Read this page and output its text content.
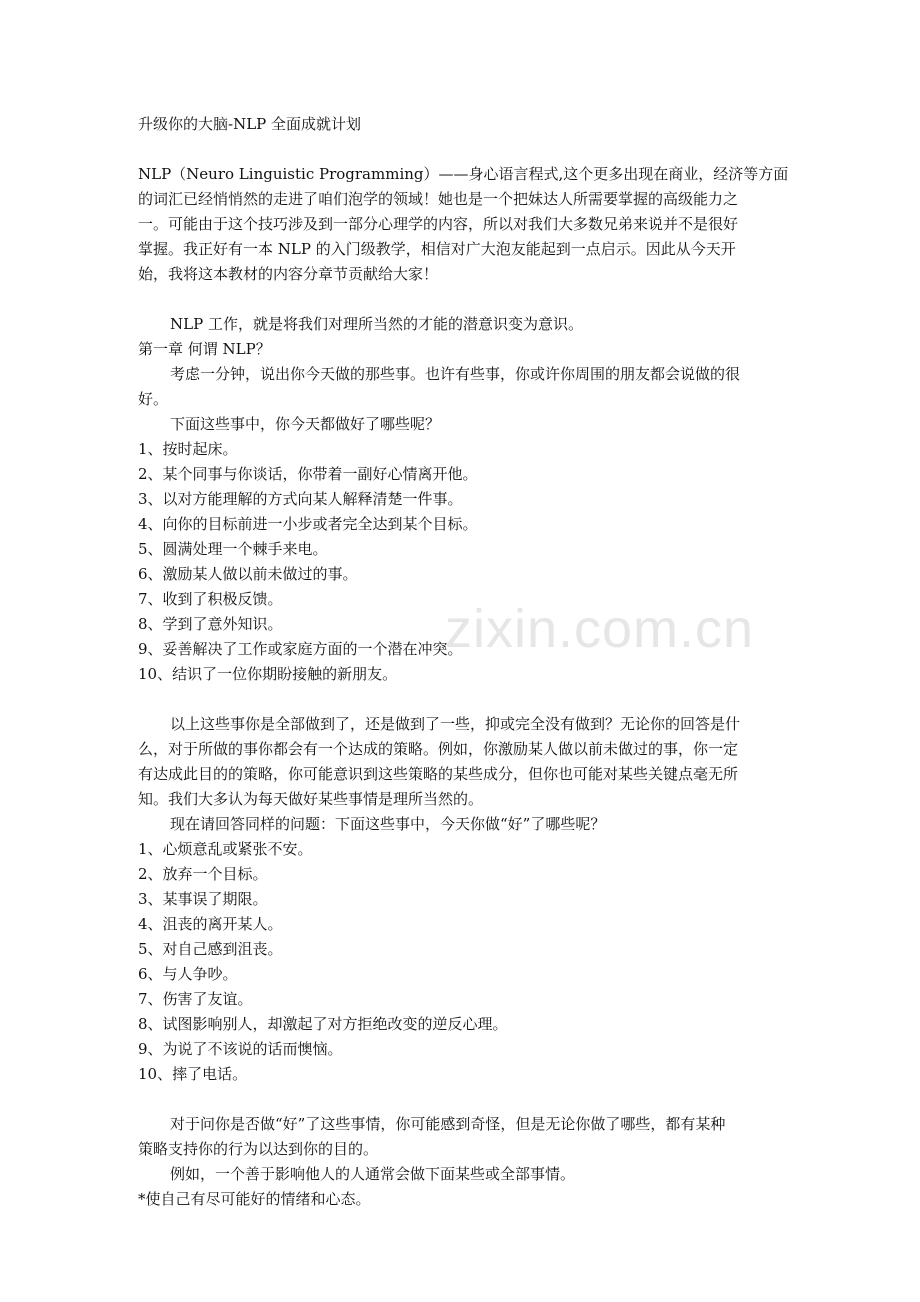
zixin.com.cn
升级你的大脑-NLP 全面成就计划
NLP（Neuro Linguistic Programming）——身心语言程式,这个更多出现在商业，经济等方面
的词汇已经悄悄然的走进了咱们泡学的领域！她也是一个把妹达人所需要掌握的高级能力之
一。可能由于这个技巧涉及到一部分心理学的内容，所以对我们大多数兄弟来说并不是很好
掌握。我正好有一本 NLP 的入门级教学，相信对广大泡友能起到一点启示。因此从今天开
始，我将这本教材的内容分章节贡献给大家！
NLP 工作，就是将我们对理所当然的才能的潜意识变为意识。
第一章 何谓 NLP？
考虑一分钟，说出你今天做的那些事。也许有些事，你或许你周围的朋友都会说做的很
好。
下面这些事中，你今天都做好了哪些呢？
1、按时起床。
2、某个同事与你谈话，你带着一副好心情离开他。
3、以对方能理解的方式向某人解释清楚一件事。
4、向你的目标前进一小步或者完全达到某个目标。
5、圆满处理一个棘手来电。
6、激励某人做以前未做过的事。
7、收到了积极反馈。
8、学到了意外知识。
9、妥善解决了工作或家庭方面的一个潜在冲突。
10、结识了一位你期盼接触的新朋友。
以上这些事你是全部做到了，还是做到了一些，抑或完全没有做到？无论你的回答是什
么，对于所做的事你都会有一个达成的策略。例如，你激励某人做以前未做过的事，你一定
有达成此目的的策略，你可能意识到这些策略的某些成分，但你也可能对某些关键点毫无所
知。我们大多认为每天做好某些事情是理所当然的。
现在请回答同样的问题：下面这些事中，今天你做“好”了哪些呢？
1、心烦意乱或紧张不安。
2、放弃一个目标。
3、某事误了期限。
4、沮丧的离开某人。
5、对自己感到沮丧。
6、与人争吵。
7、伤害了友谊。
8、试图影响别人，却激起了对方拒绝改变的逆反心理。
9、为说了不该说的话而懊恼。
10、摔了电话。
对于问你是否做“好”了这些事情，你可能感到奇怪，但是无论你做了哪些，都有某种
策略支持你的行为以达到你的目的。
例如，一个善于影响他人的人通常会做下面某些或全部事情。
*使自己有尽可能好的情绪和心态。
